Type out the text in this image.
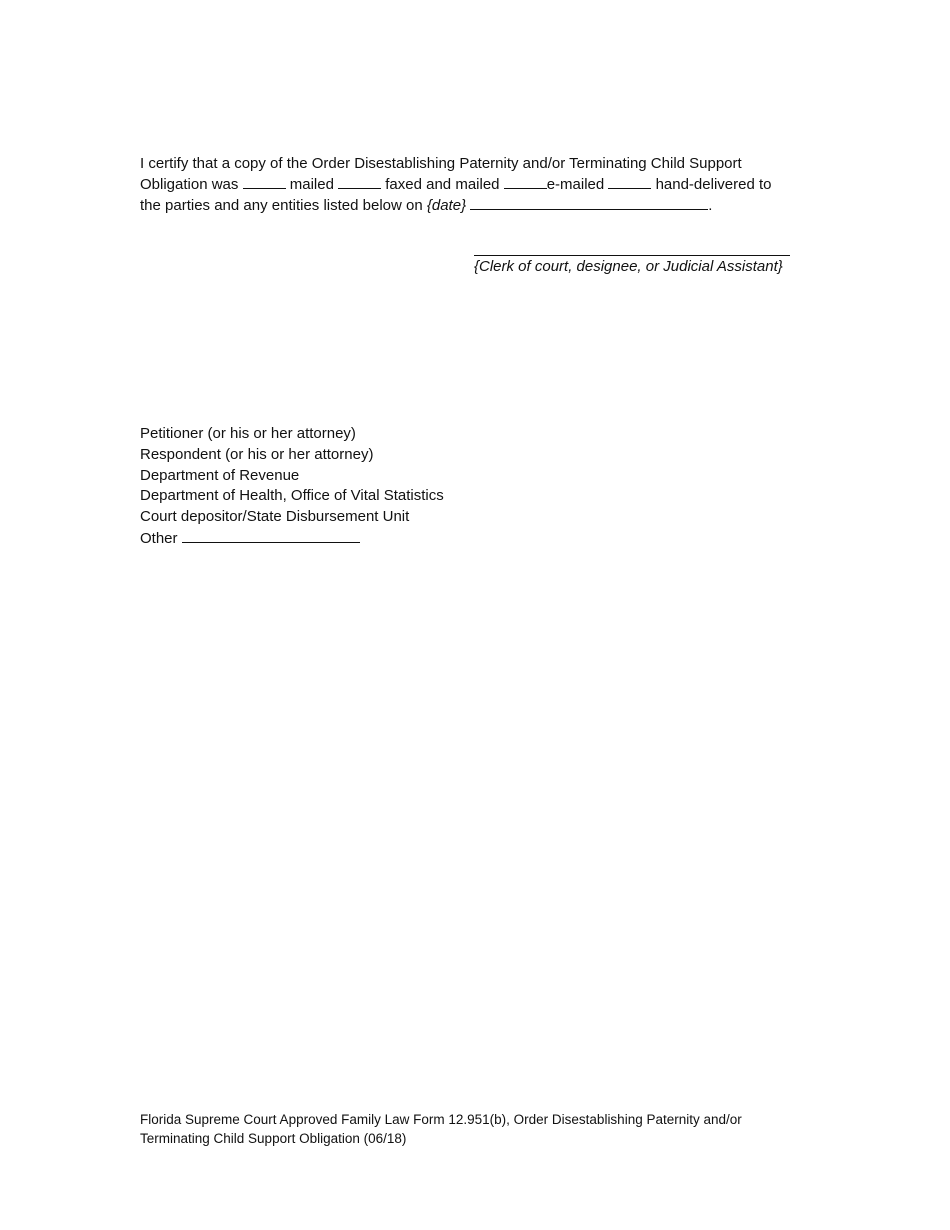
I certify that a copy of the Order Disestablishing Paternity and/or Terminating Child Support
Obligation was	mailed	faxed and mailed	e-mailed	hand-delivered to
the parties and any entities listed below on {date}	.
{Clerk of court, designee, or Judicial Assistant}
Petitioner (or his or her attorney)
Respondent (or his or her attorney)
Department of Revenue
Department of Health, Office of Vital Statistics
Court depositor/State Disbursement Unit
Other
Florida Supreme Court Approved Family Law Form 12.951(b), Order Disestablishing Paternity and/or
Terminating Child Support Obligation (06/18)
